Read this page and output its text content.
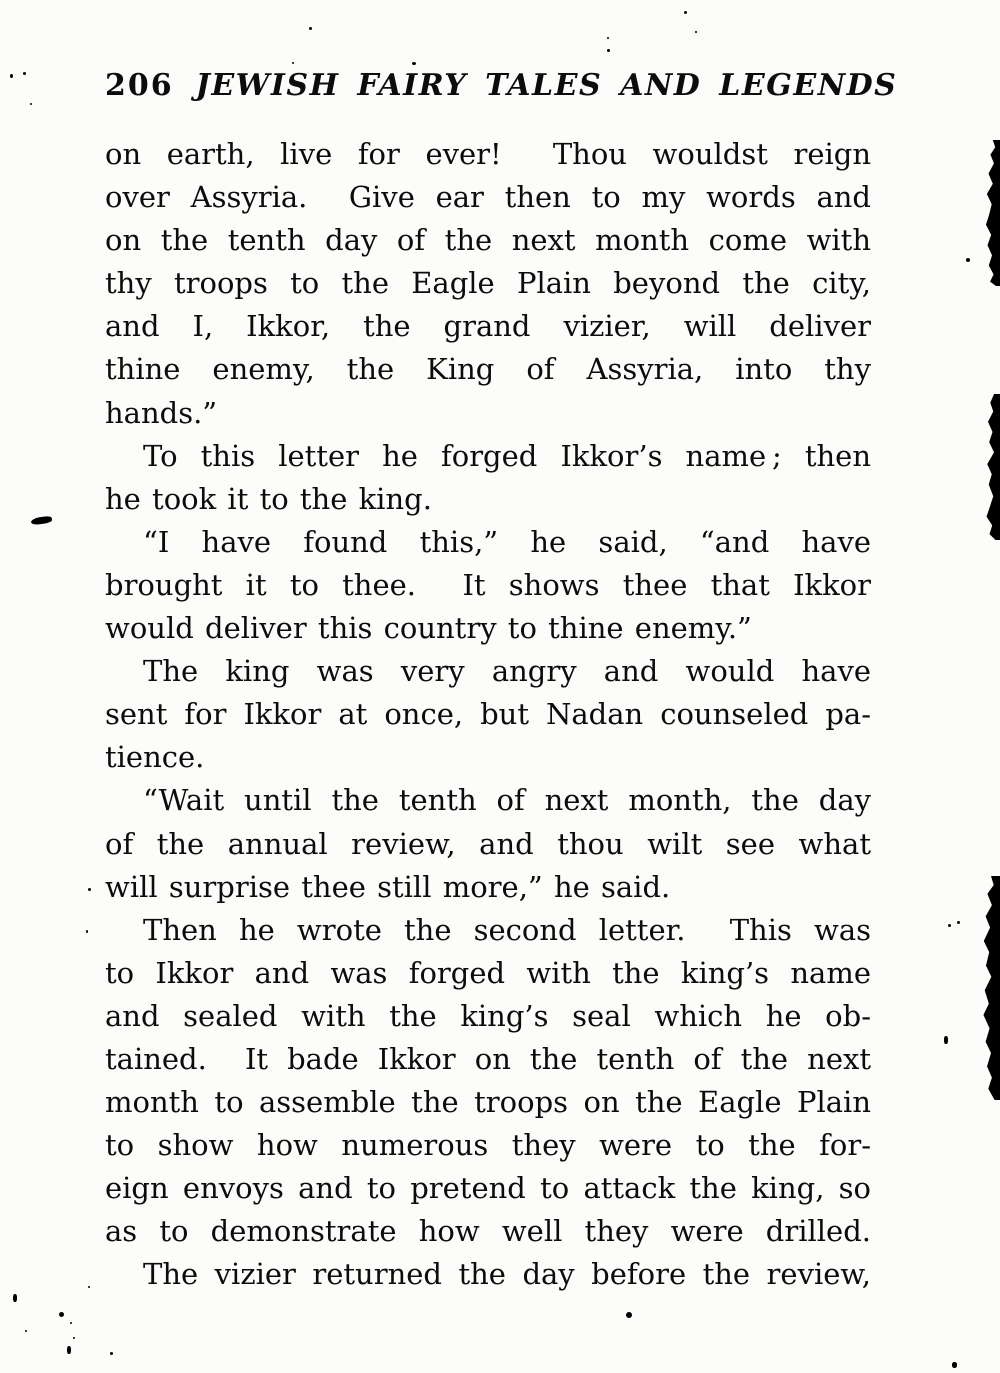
206 JEWISH FAIRY TALES AND LEGENDS
on earth, live for ever!  Thou wouldst reign
over Assyria.  Give ear then to my words and
on the tenth day of the next month come with
thy troops to the Eagle Plain beyond the city,
and I, Ikkor, the grand vizier, will deliver
thine enemy, the King of Assyria, into thy
hands.”
To this letter he forged Ikkor’s name ; then
he took it to the king.
“I have found this,” he said, “and have
brought it to thee.  It shows thee that Ikkor
would deliver this country to thine enemy.”
The king was very angry and would have
sent for Ikkor at once, but Nadan counseled pa-
tience.
“Wait until the tenth of next month, the day
of the annual review, and thou wilt see what
will surprise thee still more,” he said.
Then he wrote the second letter.  This was
to Ikkor and was forged with the king’s name
and sealed with the king’s seal which he ob-
tained.  It bade Ikkor on the tenth of the next
month to assemble the troops on the Eagle Plain
to show how numerous they were to the for-
eign envoys and to pretend to attack the king, so
as to demonstrate how well they were drilled.
The vizier returned the day before the review,
